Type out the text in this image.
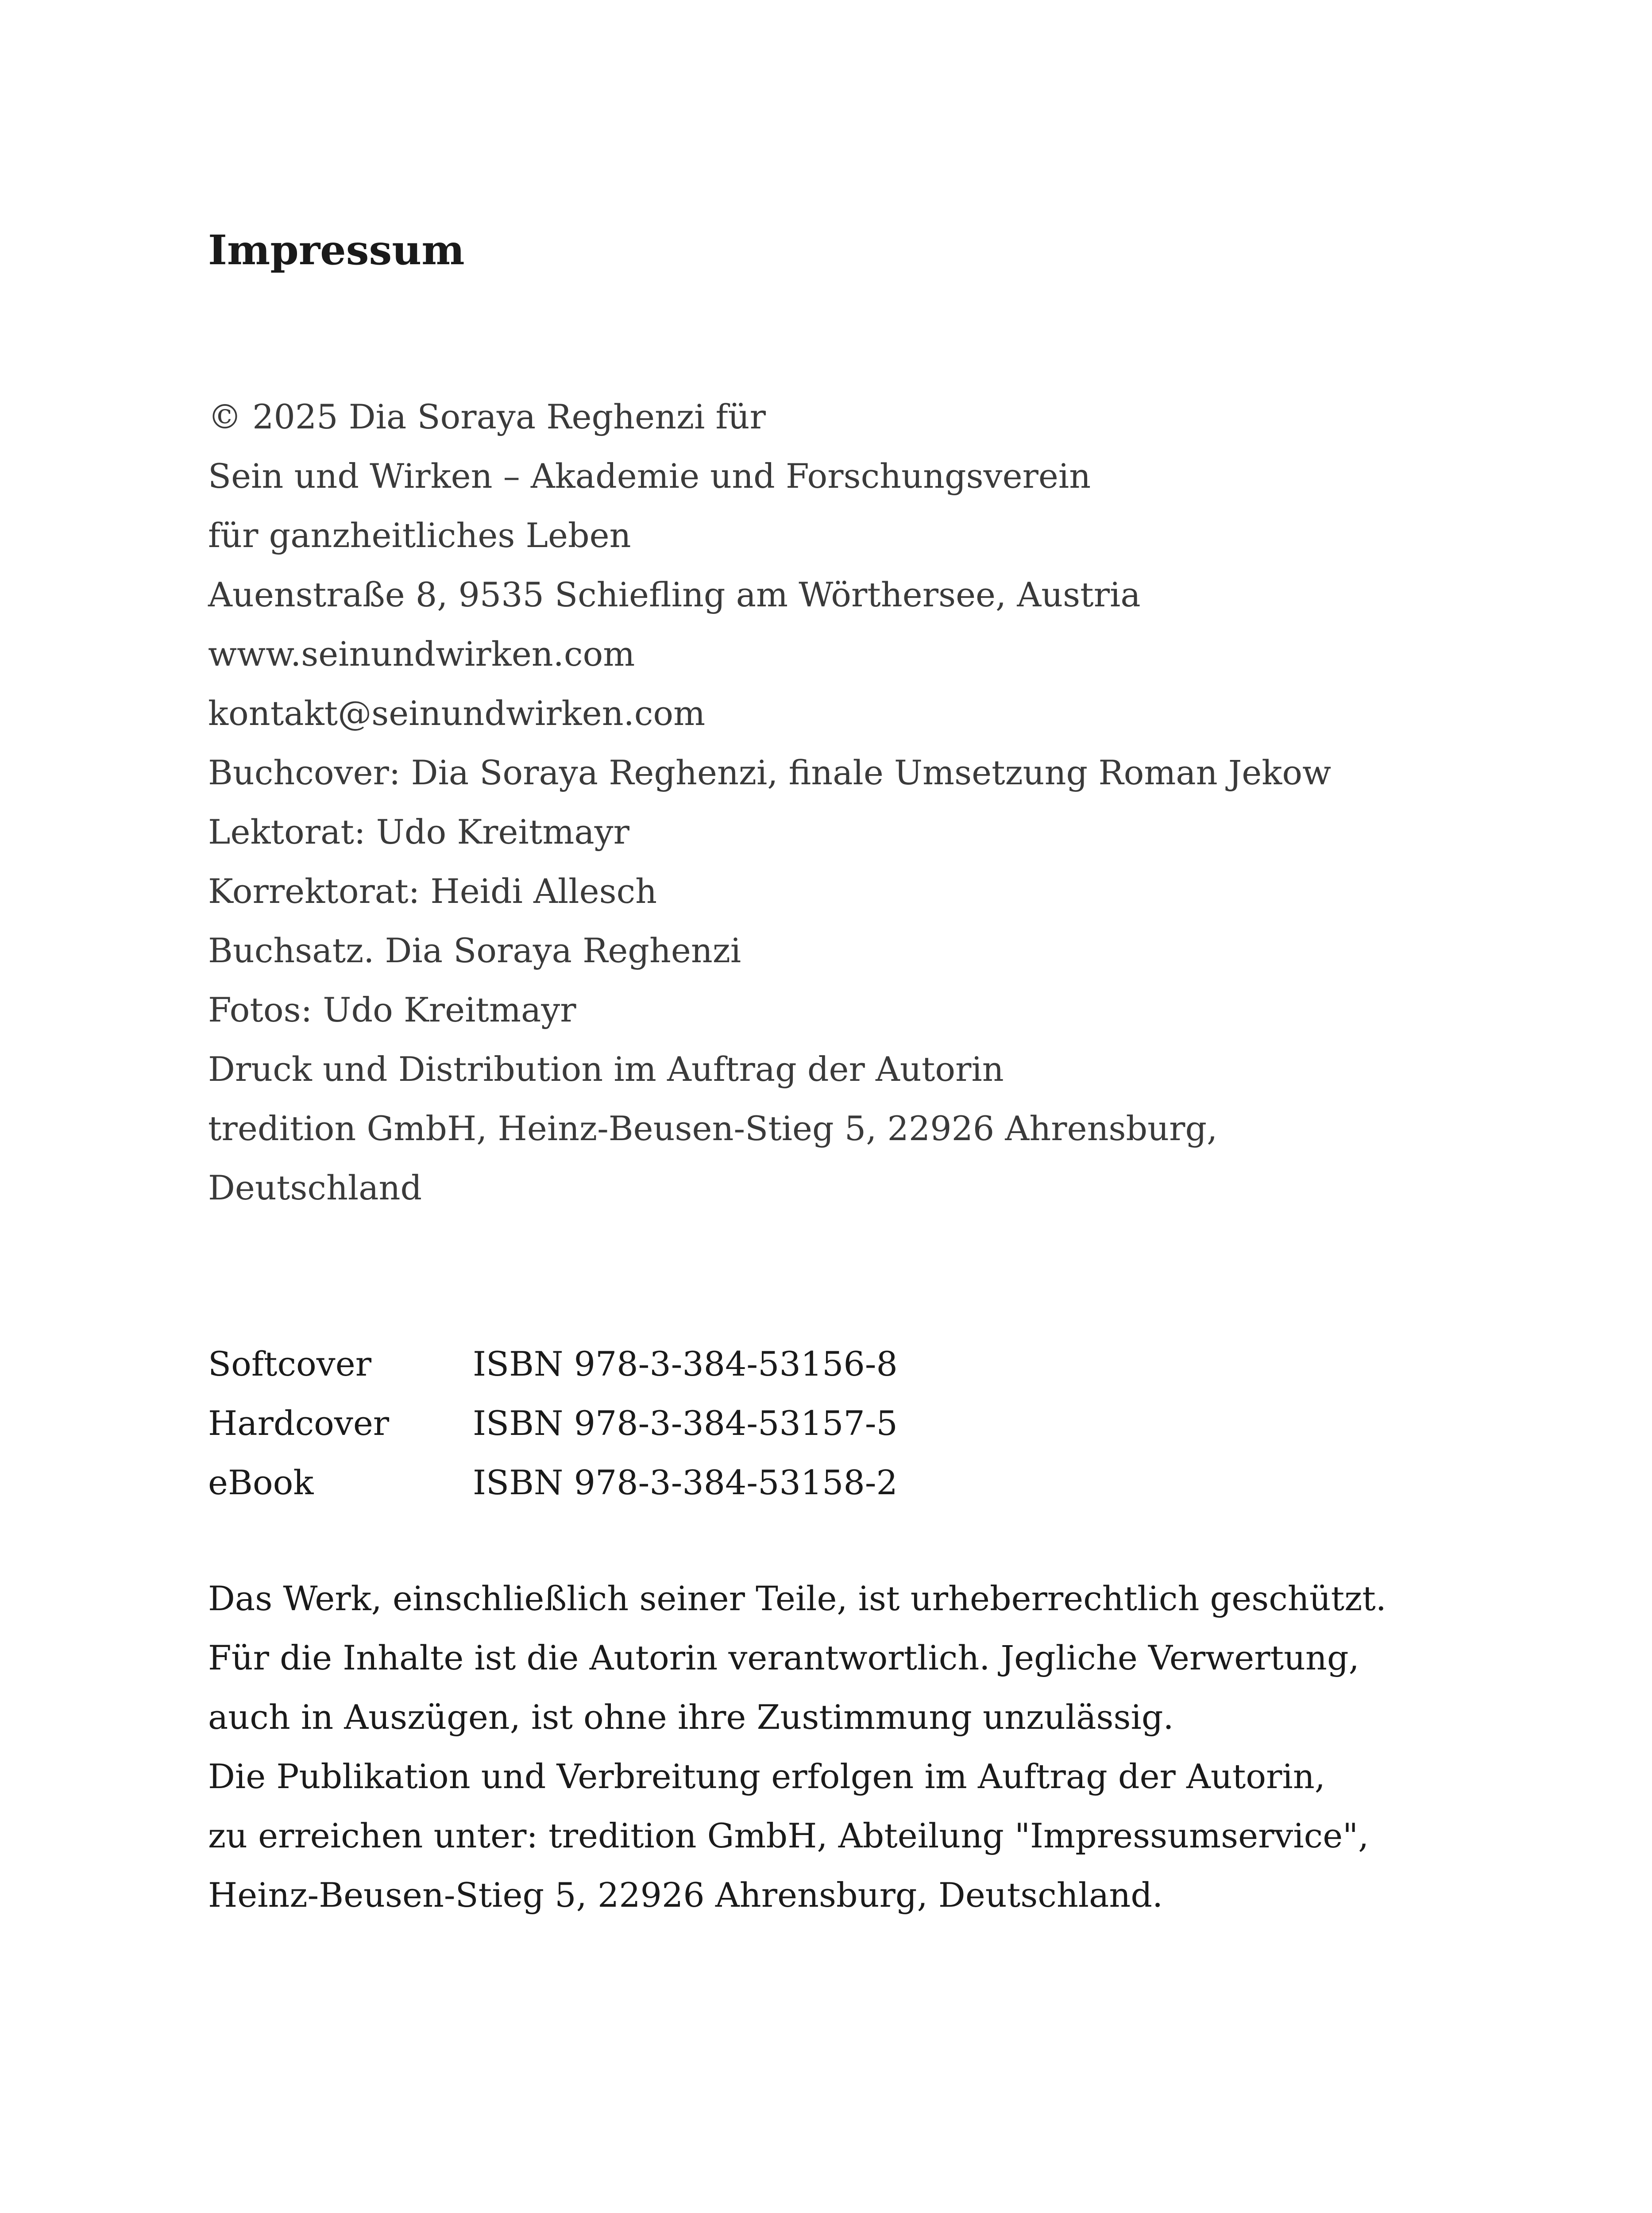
Impressum
© 2025 Dia Soraya Reghenzi für
Sein und Wirken – Akademie und Forschungsverein
für ganzheitliches Leben
Auenstraße 8, 9535 Schiefling am Wörthersee, Austria
www.seinundwirken.com
kontakt@seinundwirken.com
Buchcover: Dia Soraya Reghenzi, finale Umsetzung Roman Jekow
Lektorat: Udo Kreitmayr
Korrektorat: Heidi Allesch
Buchsatz. Dia Soraya Reghenzi
Fotos: Udo Kreitmayr
Druck und Distribution im Auftrag der Autorin
tredition GmbH, Heinz-Beusen-Stieg 5, 22926 Ahrensburg,
Deutschland
Softcover	ISBN 978-3-384-53156-8
Hardcover	ISBN 978-3-384-53157-5
eBook	ISBN 978-3-384-53158-2
Das Werk, einschließlich seiner Teile, ist urheberrechtlich geschützt.
Für die Inhalte ist die Autorin verantwortlich. Jegliche Verwertung,
auch in Auszügen, ist ohne ihre Zustimmung unzulässig.
Die Publikation und Verbreitung erfolgen im Auftrag der Autorin,
zu erreichen unter: tredition GmbH, Abteilung "Impressumservice",
Heinz-Beusen-Stieg 5, 22926 Ahrensburg, Deutschland.
